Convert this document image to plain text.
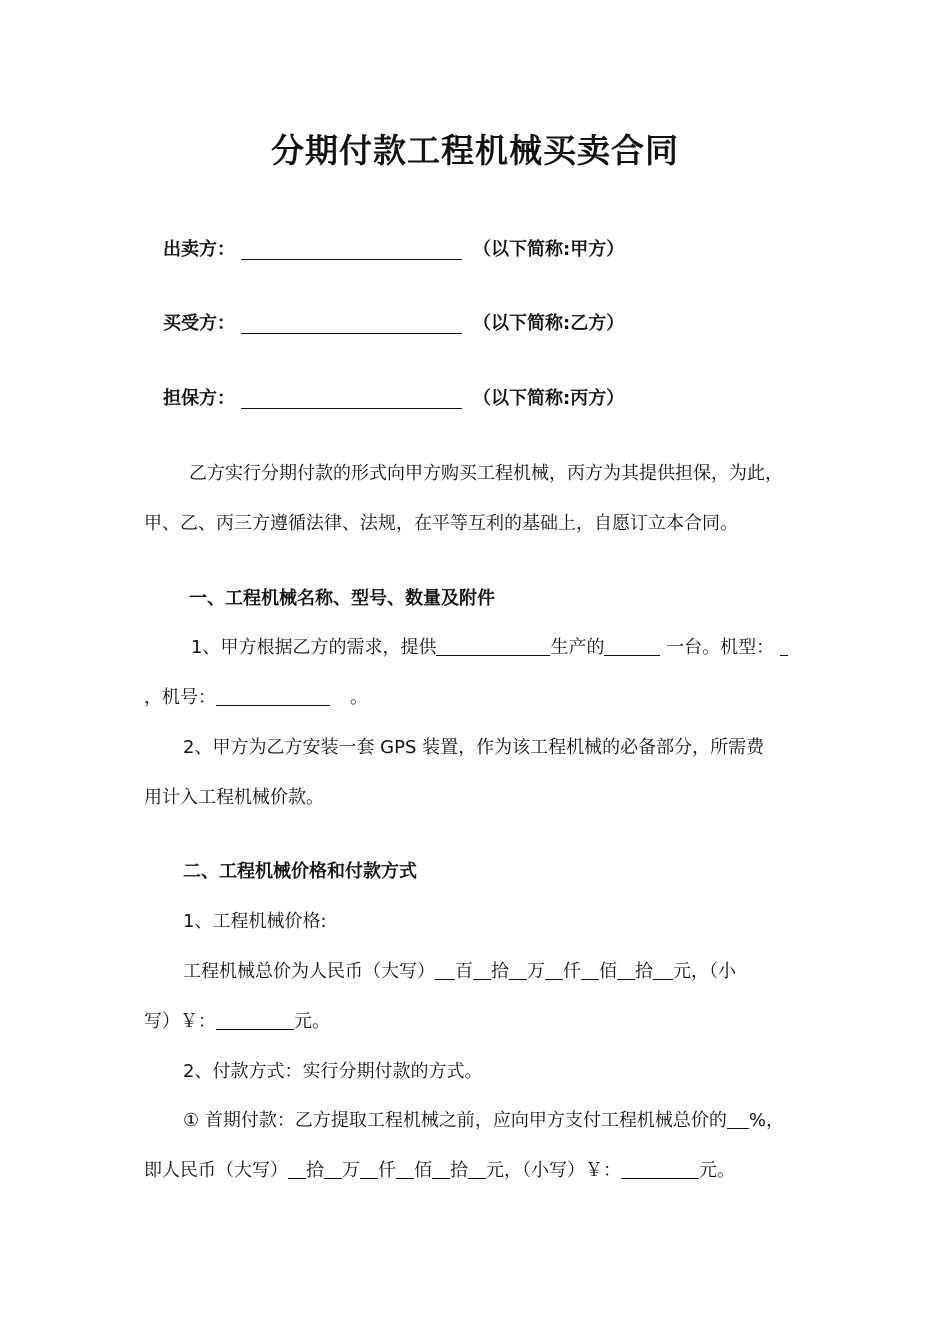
分期付款工程机械买卖合同
出卖方：	（以下简称:甲方）
买受方：	（以下简称:乙方）
担保方：	（以下简称:丙方）
乙方实行分期付款的形式向甲方购买工程机械，丙方为其提供担保，为此，
甲、乙、丙三方遵循法律、法规，在平等互利的基础上，自愿订立本合同。
一、工程机械名称、型号、数量及附件
1、甲方根据乙方的需求，提供	生产的	一台。机型：
，机号：	。
2、甲方为乙方安装一套 GPS 装置，作为该工程机械的必备部分，所需费
用计入工程机械价款。
二、工程机械价格和付款方式
1、工程机械价格:
工程机械总价为人民币（大写） 百 拾 万 仟 佰 拾 元，（小
写）￥：	元。
2、付款方式：实行分期付款的方式。
① 首期付款：乙方提取工程机械之前，应向甲方支付工程机械总价的 %，
即人民币（大写） 拾 万 仟 佰 拾 元，（小写）￥：	元。
